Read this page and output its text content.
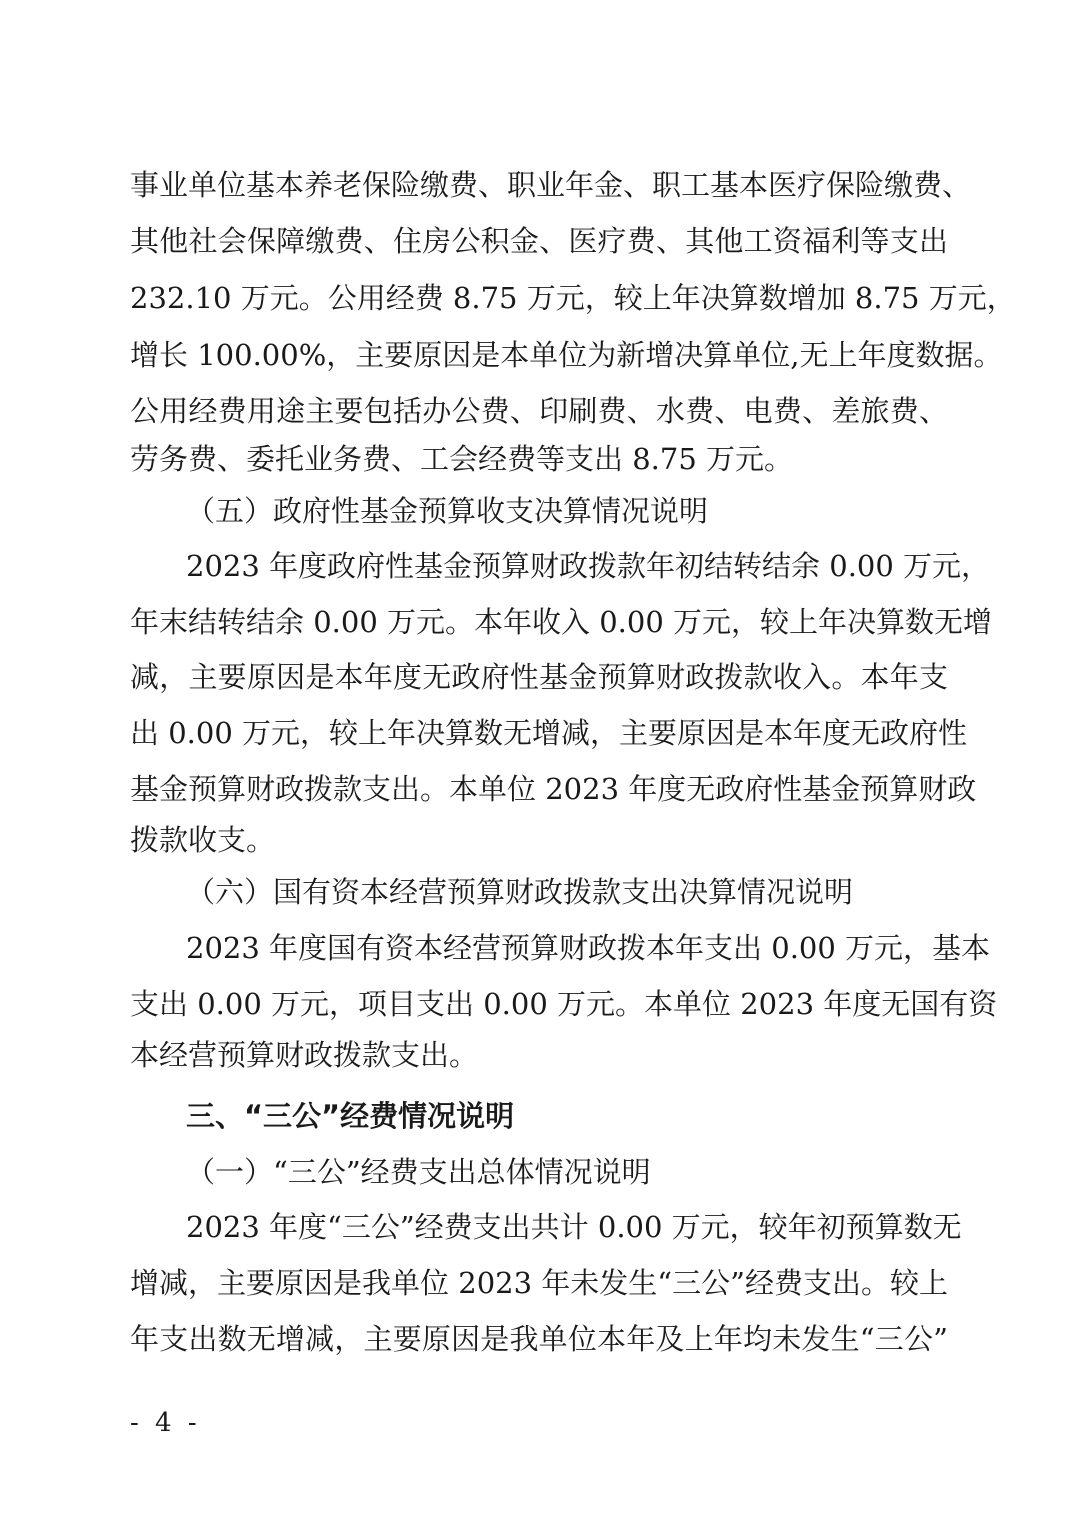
事业单位基本养老保险缴费、职业年金、职工基本医疗保险缴费、
其他社会保障缴费、住房公积金、医疗费、其他工资福利等支出
232.10 万元。公用经费 8.75 万元，较上年决算数增加 8.75 万元，
增长 100.00%，主要原因是本单位为新增决算单位,无上年度数据。
公用经费用途主要包括办公费、印刷费、水费、电费、差旅费、
劳务费、委托业务费、工会经费等支出 8.75 万元。
（五）政府性基金预算收支决算情况说明
2023 年度政府性基金预算财政拨款年初结转结余 0.00 万元，
年末结转结余 0.00 万元。本年收入 0.00 万元，较上年决算数无增
减，主要原因是本年度无政府性基金预算财政拨款收入。本年支
出 0.00 万元，较上年决算数无增减，主要原因是本年度无政府性
基金预算财政拨款支出。本单位 2023 年度无政府性基金预算财政
拨款收支。
（六）国有资本经营预算财政拨款支出决算情况说明
2023 年度国有资本经营预算财政拨本年支出 0.00 万元，基本
支出 0.00 万元，项目支出 0.00 万元。本单位 2023 年度无国有资
本经营预算财政拨款支出。
三、“三公”经费情况说明
（一）“三公”经费支出总体情况说明
2023 年度“三公”经费支出共计 0.00 万元，较年初预算数无
增减，主要原因是我单位 2023 年未发生“三公”经费支出。较上
年支出数无增减，主要原因是我单位本年及上年均未发生“三公”
- 4 -
